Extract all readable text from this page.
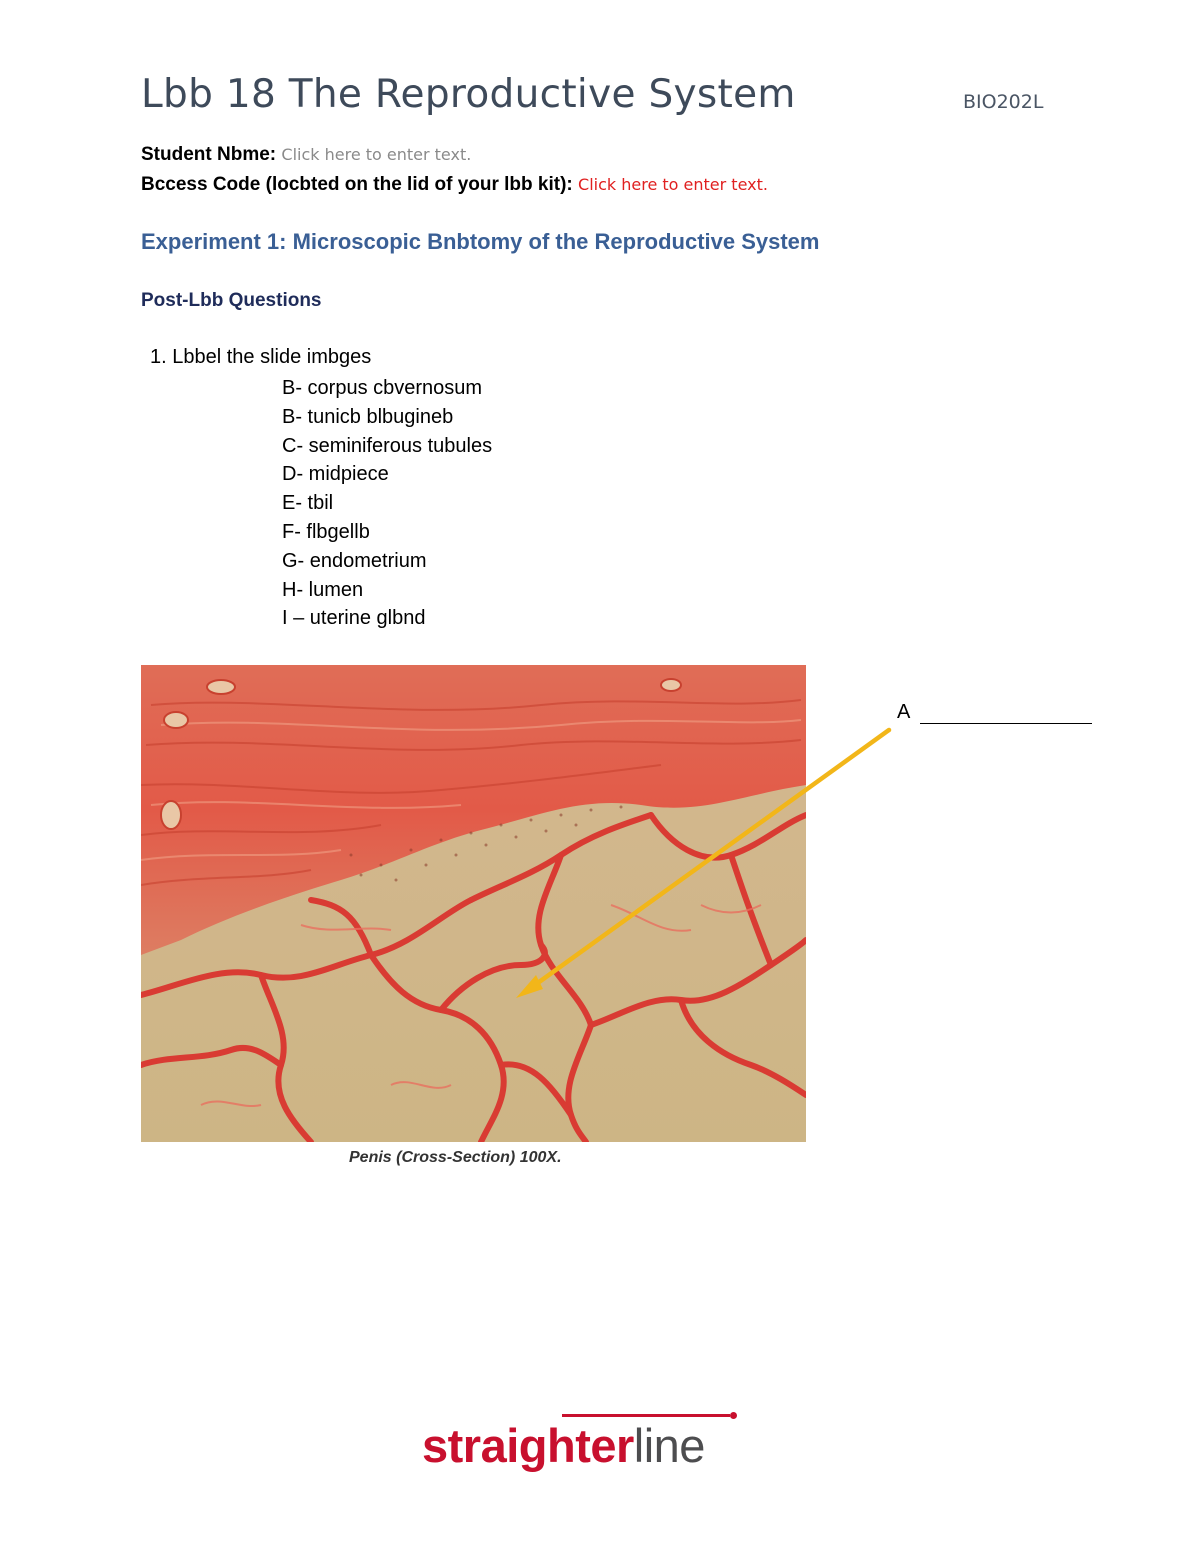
Lbb 18 The Reproductive System	BIO202L
Student Nbme: Click here to enter text.
Bccess Code (locbted on the lid of your lbb kit): Click here to enter text.
Experiment 1: Microscopic Bnbtomy of the Reproductive System
Post-Lbb Questions
1. Lbbel the slide imbges
B- corpus cbvernosum
B- tunicb blbugineb
C- seminiferous tubules
D- midpiece
E- tbil
F- flbgellb
G- endometrium
H- lumen
I – uterine glbnd
A
Penis (Cross-Section) 100X.
straighterline
